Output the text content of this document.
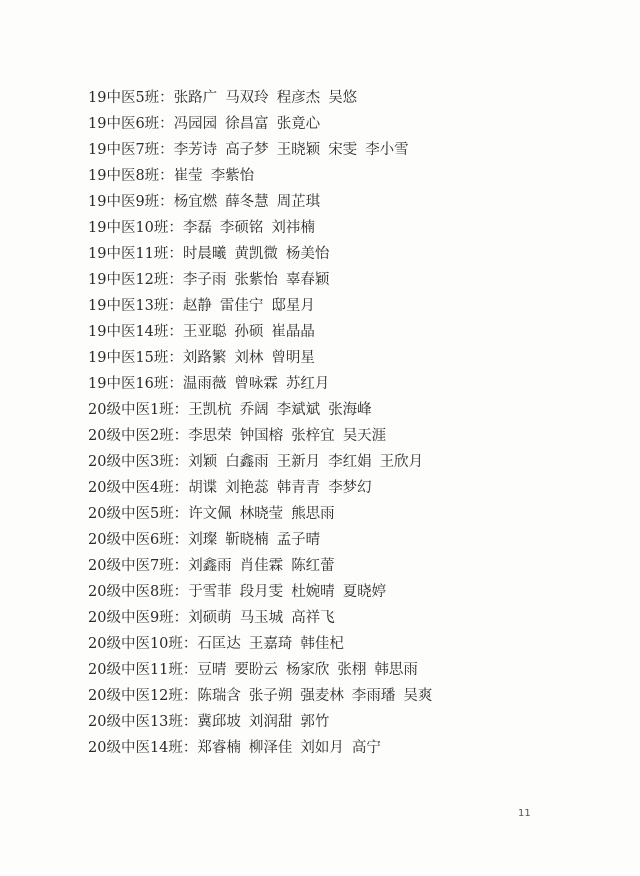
19中医5班：张路广 马双玲 程彦杰 吴悠
19中医6班：冯园园 徐昌富 张竟心
19中医7班：李芳诗 高子梦 王晓颖 宋雯 李小雪
19中医8班：崔莹 李紫怡
19中医9班：杨宜燃 薛冬慧 周芷琪
19中医10班：李磊 李硕铭 刘祎楠
19中医11班：时晨曦 黄凯微 杨美怡
19中医12班：李子雨 张紫怡 辜春颖
19中医13班：赵静 雷佳宁 邸星月
19中医14班：王亚聪 孙硕 崔晶晶
19中医15班：刘路繁 刘林 曾明星
19中医16班：温雨薇 曾咏霖 苏红月
20级中医1班：王凯杭 乔阔 李斌斌 张海峰
20级中医2班：李思荣 钟国榕 张梓宜 吴天涯
20级中医3班：刘颖 白鑫雨 王新月 李红娟 王欣月
20级中医4班：胡谍 刘艳蕊 韩青青 李梦幻
20级中医5班：许文佩 林晓莹 熊思雨
20级中医6班：刘璨 靳晓楠 孟子晴
20级中医7班：刘鑫雨 肖佳霖 陈红蕾
20级中医8班：于雪菲 段月雯 杜婉晴 夏晓婷
20级中医9班：刘硕萌 马玉城 高祥飞
20级中医10班：石匡达 王嘉琦 韩佳杞
20级中医11班：豆晴 要盼云 杨家欣 张栩 韩思雨
20级中医12班：陈瑞含 张子朔 强麦林 李雨璠 吴爽
20级中医13班：冀邱坡 刘润甜 郭竹
20级中医14班：郑睿楠 柳泽佳 刘如月 高宁
11
